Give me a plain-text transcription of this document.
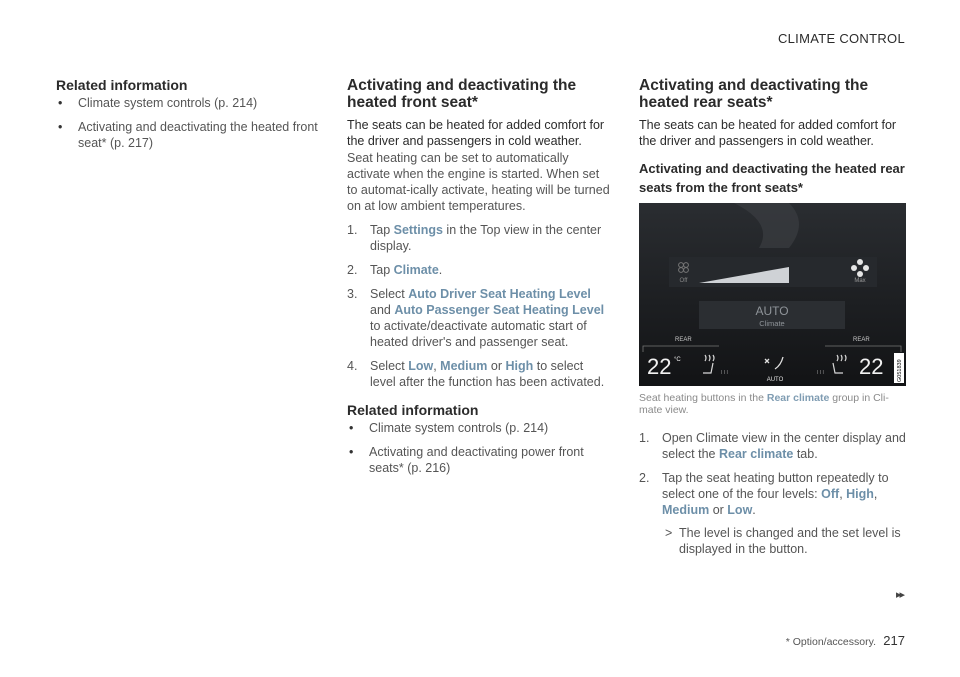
CLIMATE CONTROL
Related information
• Climate system controls (p. 214)
• Activating and deactivating the heated front seat* (p. 217)
Activating and deactivating the heated front seat*

The seats can be heated for added comfort for the driver and passengers in cold weather.

Seat heating can be set to automatically activate when the engine is started. When set to automat-ically activate, heating will be turned on at low ambient temperatures.

1. Tap Settings in the Top view in the center display.
2. Tap Climate.
3. Select Auto Driver Seat Heating Level and Auto Passenger Seat Heating Level to activate/deactivate automatic start of heated driver's and passenger seat.
4. Select Low, Medium or High to select level after the function has been activated.
Related information
• Climate system controls (p. 214)
• Activating and deactivating power front seats* (p. 216)
Activating and deactivating the heated rear seats*

The seats can be heated for added comfort for the driver and passengers in cold weather.

Activating and deactivating the heated rear seats from the front seats*
Off	Max
AUTO
Climate
REAR	REAR
22 °C
I I I
AUTO
I I I 22 G051839

Seat heating buttons in the Rear climate group in Cli-mate view.

1. Open Climate view in the center display and select the Rear climate tab.
2. Tap the seat heating button repeatedly to select one of the four levels: Off, High, Medium or Low.
> The level is changed and the set level is displayed in the button.
▸▸
* Option/accessory. 217
